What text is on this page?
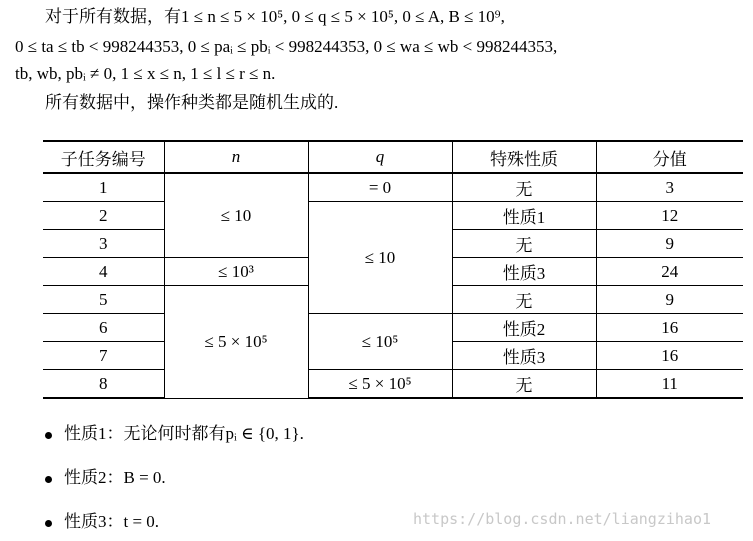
对于所有数据，有1 ≤ n ≤ 5 × 10⁵, 0 ≤ q ≤ 5 × 10⁵, 0 ≤ A, B ≤ 10⁹,
0 ≤ ta ≤ tb < 998244353, 0 ≤ paᵢ ≤ pbᵢ < 998244353, 0 ≤ wa ≤ wb < 998244353,
tb, wb, pbᵢ ≠ 0, 1 ≤ x ≤ n, 1 ≤ l ≤ r ≤ n.
所有数据中，操作种类都是随机生成的.
子任务编号	n	q	特殊性质	分值
1	≤ 10	= 0	无	3
2		≤ 10	性质1	12
3			无	9
4	≤ 10³		性质3	24
5	≤ 5 × 10⁵		无	9
6		≤ 10⁵	性质2	16
7			性质3	16
8		≤ 5 × 10⁵	无	11
性质1：无论何时都有pᵢ ∈ {0, 1}.
性质2：B = 0.
性质3：t = 0.	https://blog.csdn.net/liangzihao1
